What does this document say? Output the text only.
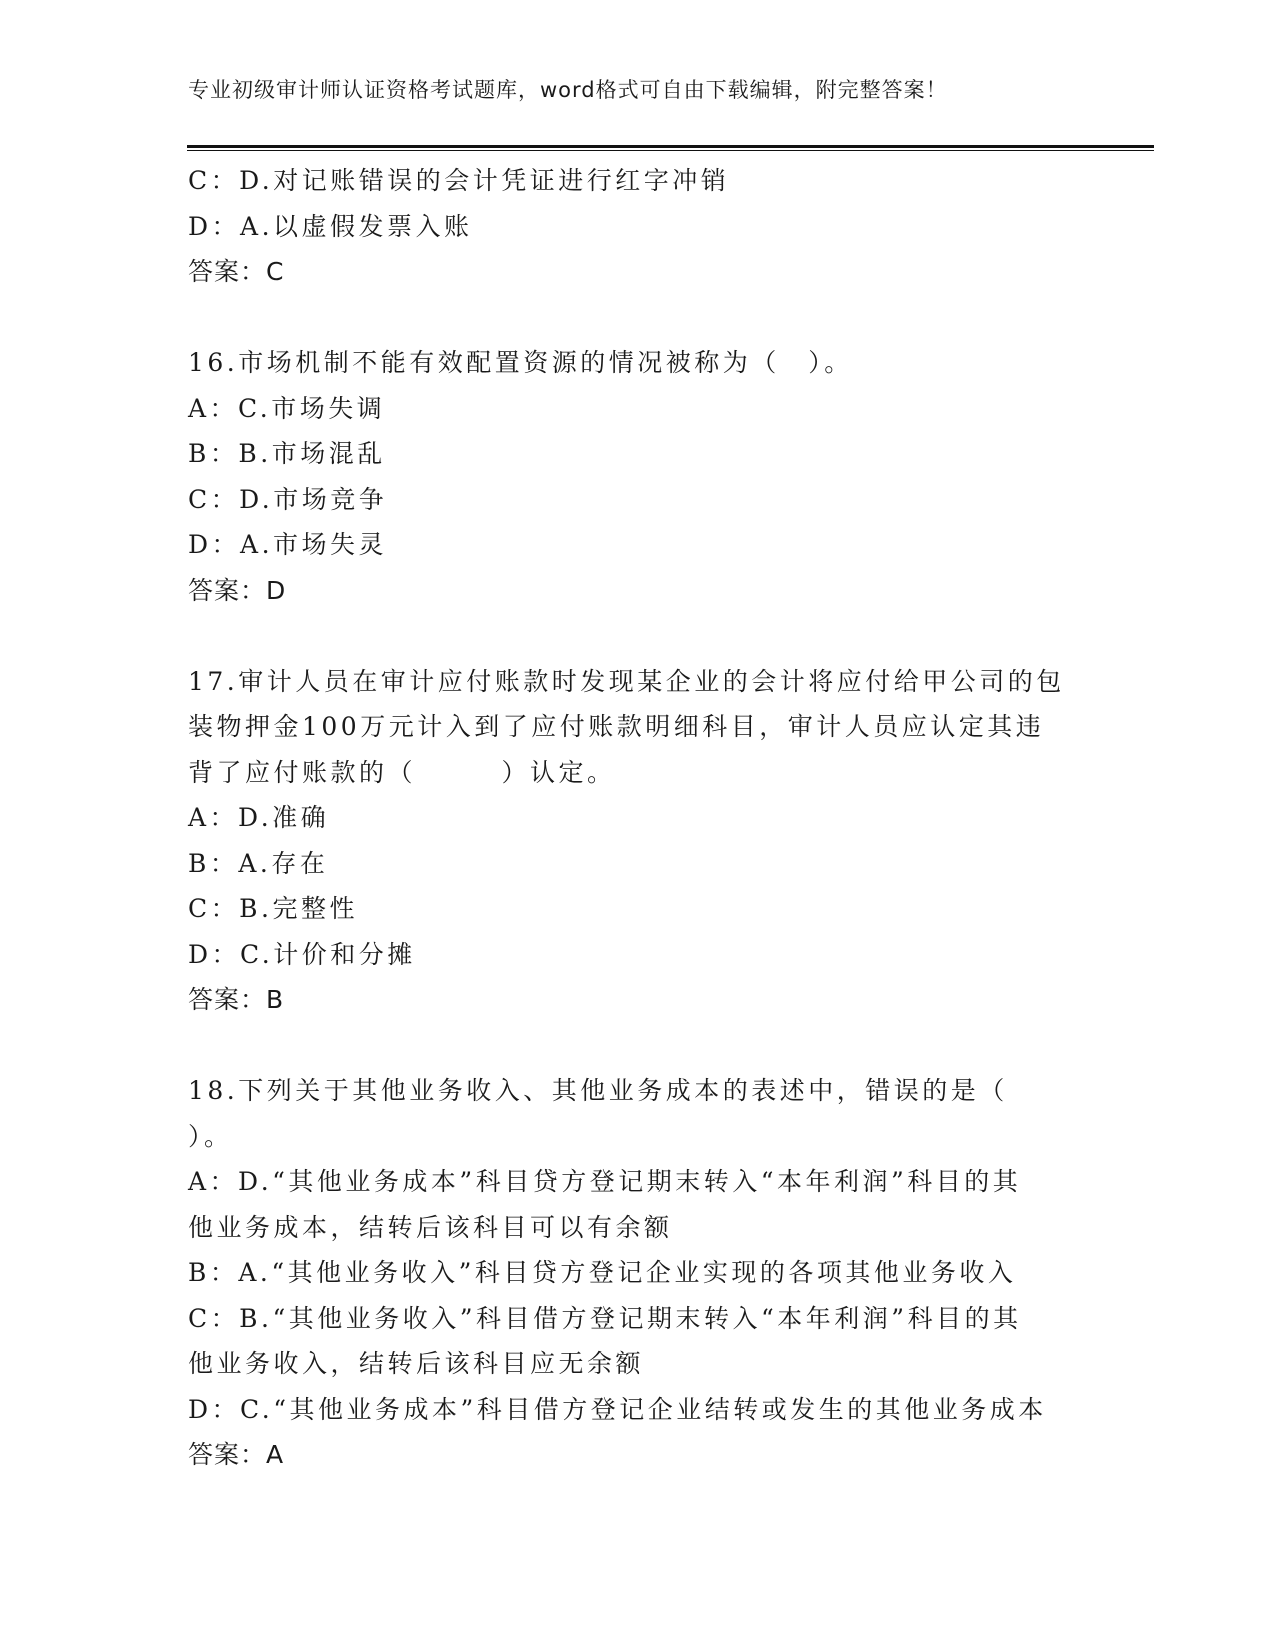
专业初级审计师认证资格考试题库，word格式可自由下载编辑，附完整答案！
C：D.对记账错误的会计凭证进行红字冲销
D：A.以虚假发票入账
答案：C
16.市场机制不能有效配置资源的情况被称为（　）。
A：C.市场失调
B：B.市场混乱
C：D.市场竞争
D：A.市场失灵
答案：D
17.审计人员在审计应付账款时发现某企业的会计将应付给甲公司的包
装物押金100万元计入到了应付账款明细科目，审计人员应认定其违
背了应付账款的（　　　）认定。
A：D.准确
B：A.存在
C：B.完整性
D：C.计价和分摊
答案：B
18.下列关于其他业务收入、其他业务成本的表述中，错误的是（
）。
A：D.“其他业务成本”科目贷方登记期末转入“本年利润”科目的其
他业务成本，结转后该科目可以有余额
B：A.“其他业务收入”科目贷方登记企业实现的各项其他业务收入
C：B.“其他业务收入”科目借方登记期末转入“本年利润”科目的其
他业务收入，结转后该科目应无余额
D：C.“其他业务成本”科目借方登记企业结转或发生的其他业务成本
答案：A
